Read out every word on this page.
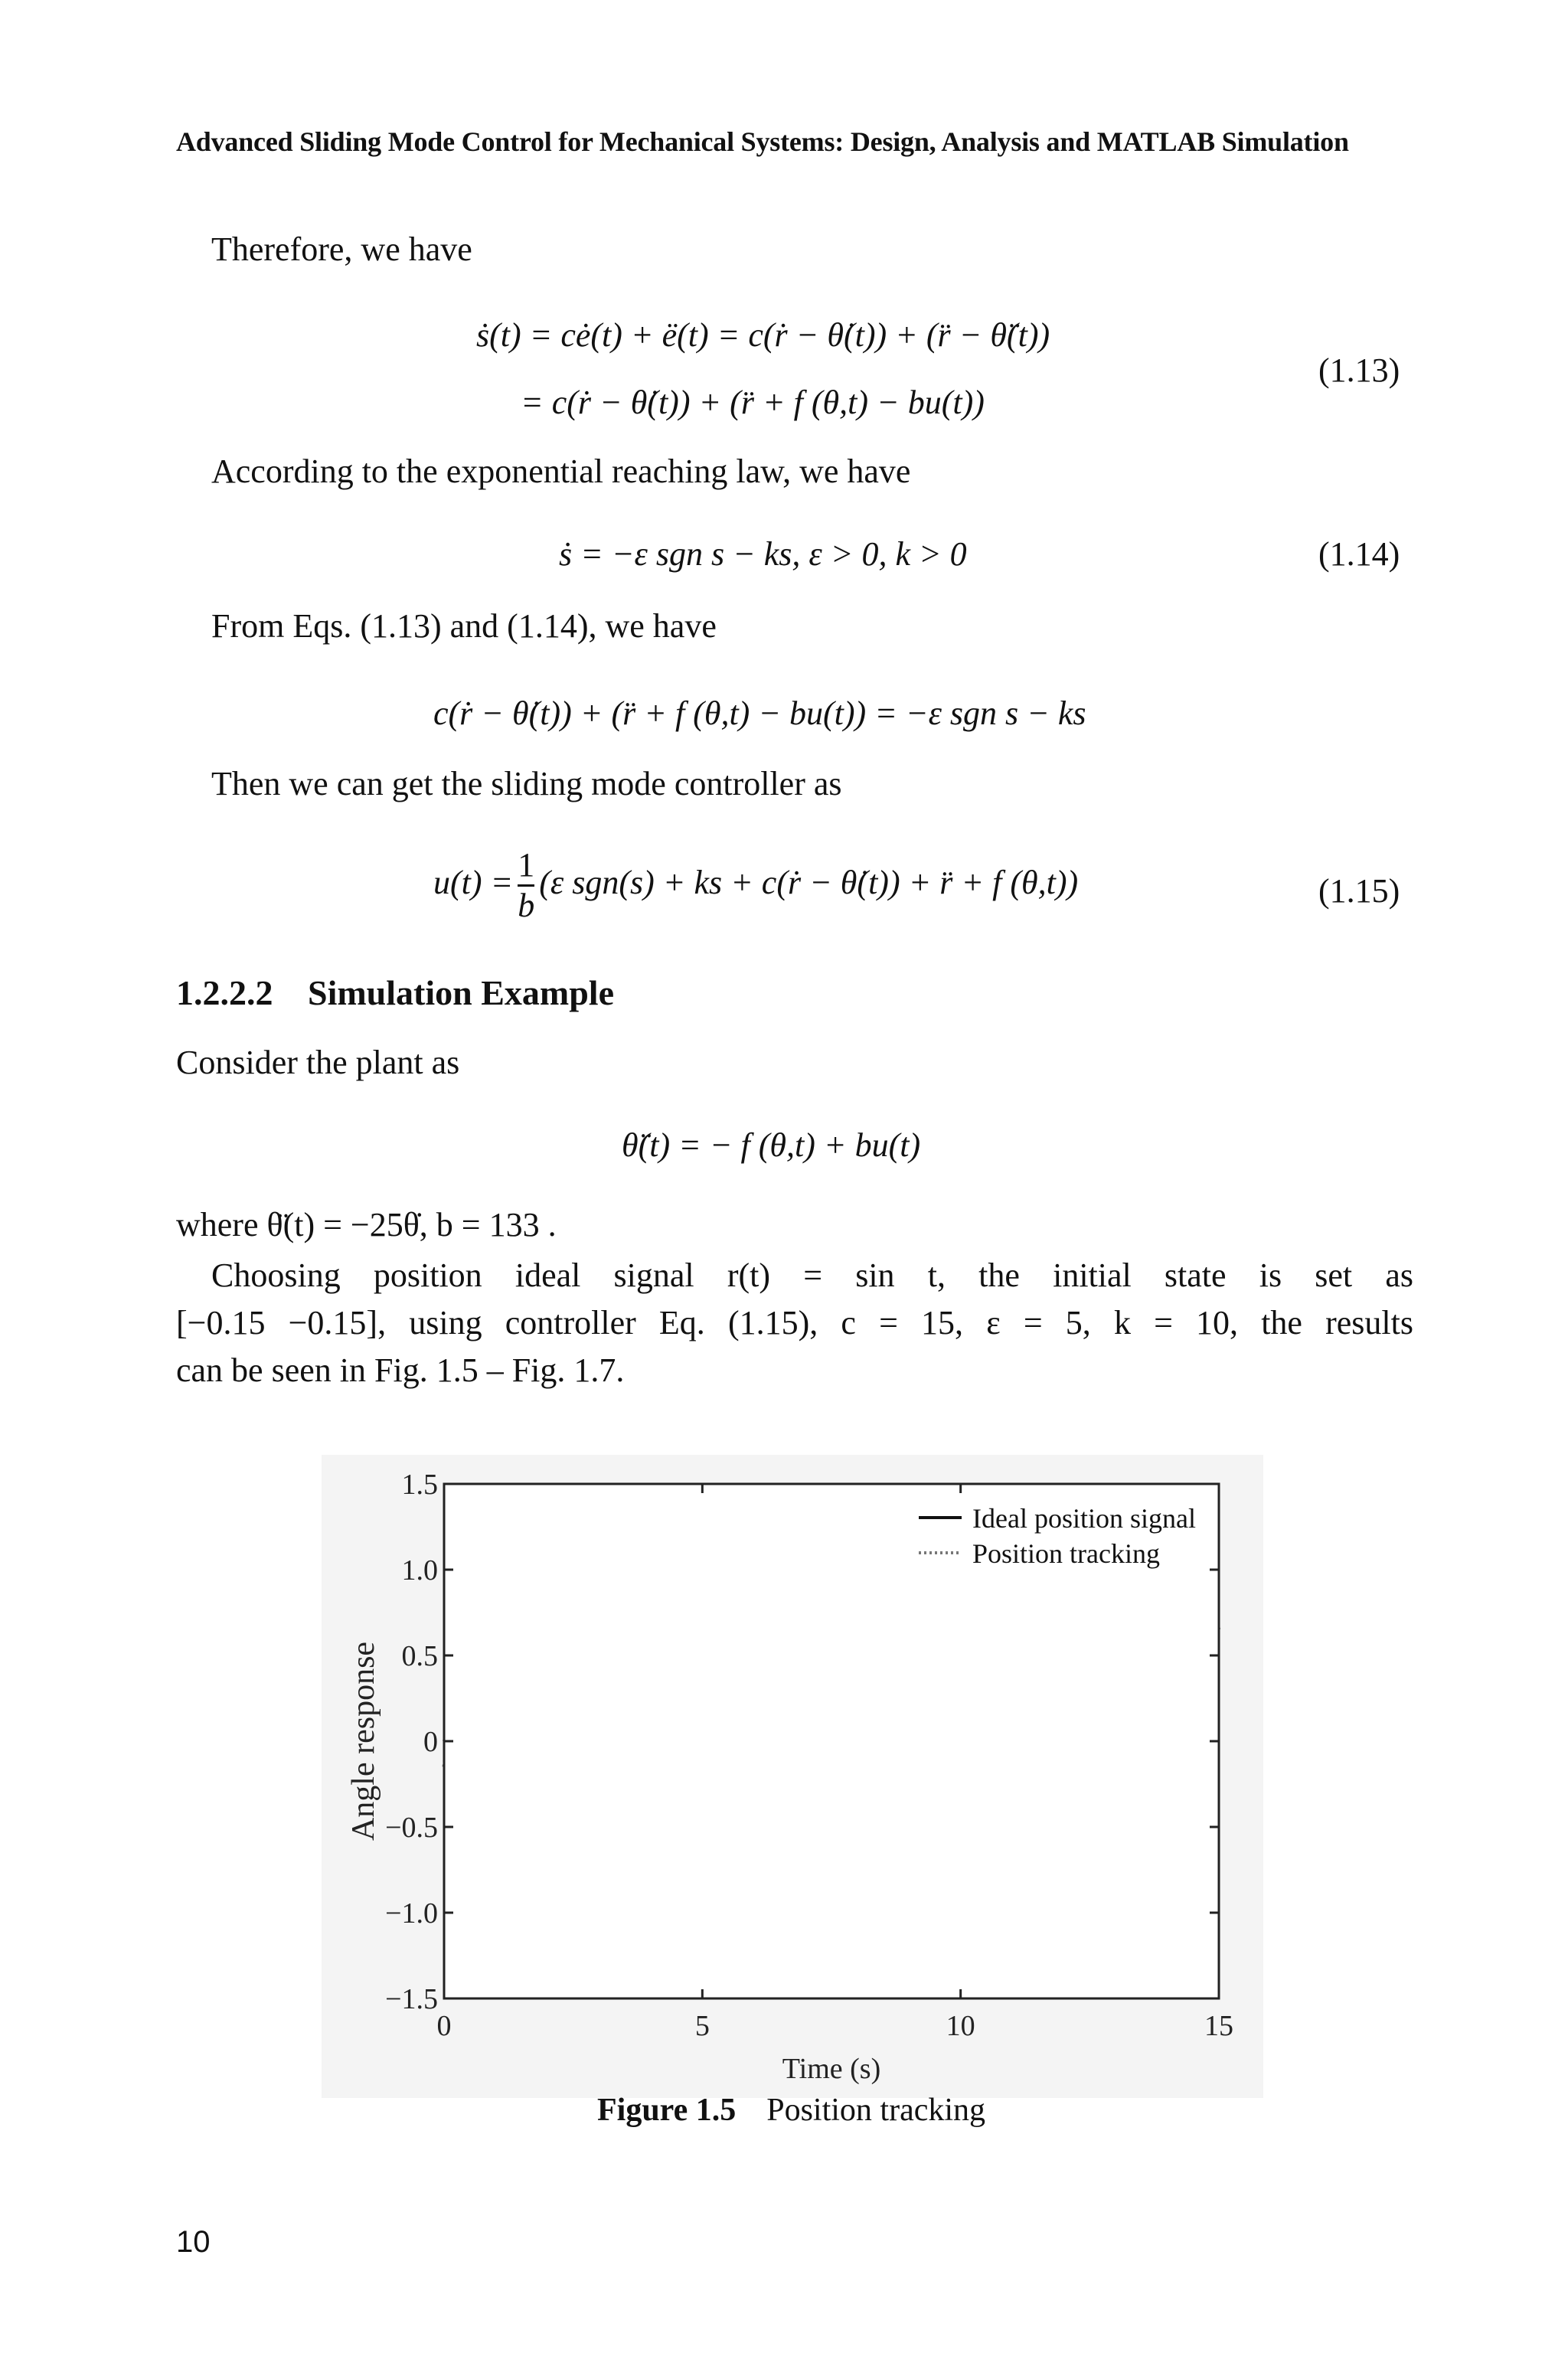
Advanced Sliding Mode Control for Mechanical Systems: Design, Analysis and MATLAB Simulation
Therefore, we have
ṡ(t) = cė(t) + ë(t) = c(ṙ − θ̇(t)) + (r̈ − θ̈(t))
= c(ṙ − θ̇(t)) + (r̈ + f (θ,t) − bu(t))
(1.13)
According to the exponential reaching law, we have
ṡ = −ε sgn s − ks, ε > 0, k > 0	(1.14)
From Eqs. (1.13) and (1.14), we have
c(ṙ − θ̇(t)) + (r̈ + f (θ,t) − bu(t)) = −ε sgn s − ks
Then we can get the sliding mode controller as
$u(t) = \frac{1}{b} (\varepsilon$ sgn(s) + ks + c(ṙ − θ̇(t)) + r̈ + f (θ,t))	(1.15)
1.2.2.2 Simulation Example
Consider the plant as
θ̈(t) = − f (θ,t) + bu(t)
where θ̈(t) = −25θ̇, b = 133 .
Choosing position ideal signal r(t) = sin t, the initial state is set as
[−0.15 −0.15], using controller Eq. (1.15), c = 15, ε = 5, k = 10, the results
can be seen in Fig. 1.5 – Fig. 1.7.
0	5	10	15
−1.5
−1.0
−0.5
0
0.5
1.0
1.5
Time (s)
Angle response
Ideal position signal
Position tracking
Figure 1.5 Position tracking
10
